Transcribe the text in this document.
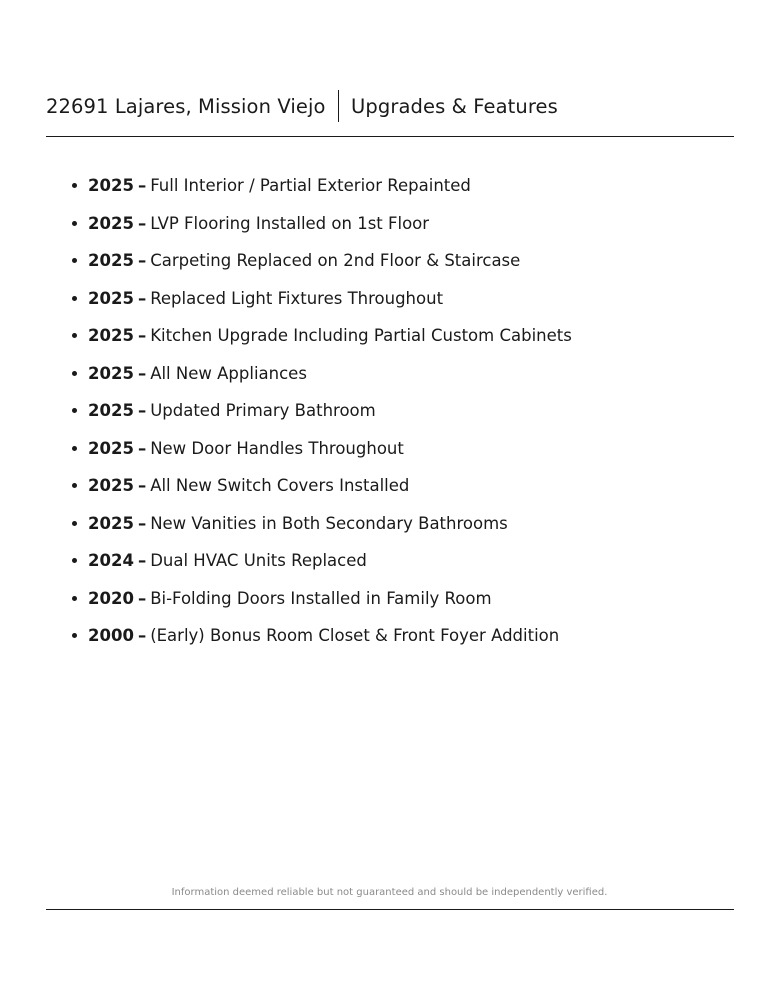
22691 Lajares, Mission Viejo Upgrades & Features
2025 – Full Interior / Partial Exterior Repainted
2025 – LVP Flooring Installed on 1st Floor
2025 – Carpeting Replaced on 2nd Floor & Staircase
2025 – Replaced Light Fixtures Throughout
2025 – Kitchen Upgrade Including Partial Custom Cabinets
2025 – All New Appliances
2025 – Updated Primary Bathroom
2025 – New Door Handles Throughout
2025 – All New Switch Covers Installed
2025 – New Vanities in Both Secondary Bathrooms
2024 – Dual HVAC Units Replaced
2020 – Bi-Folding Doors Installed in Family Room
2000 – (Early) Bonus Room Closet & Front Foyer Addition
Information deemed reliable but not guaranteed and should be independently verified.
